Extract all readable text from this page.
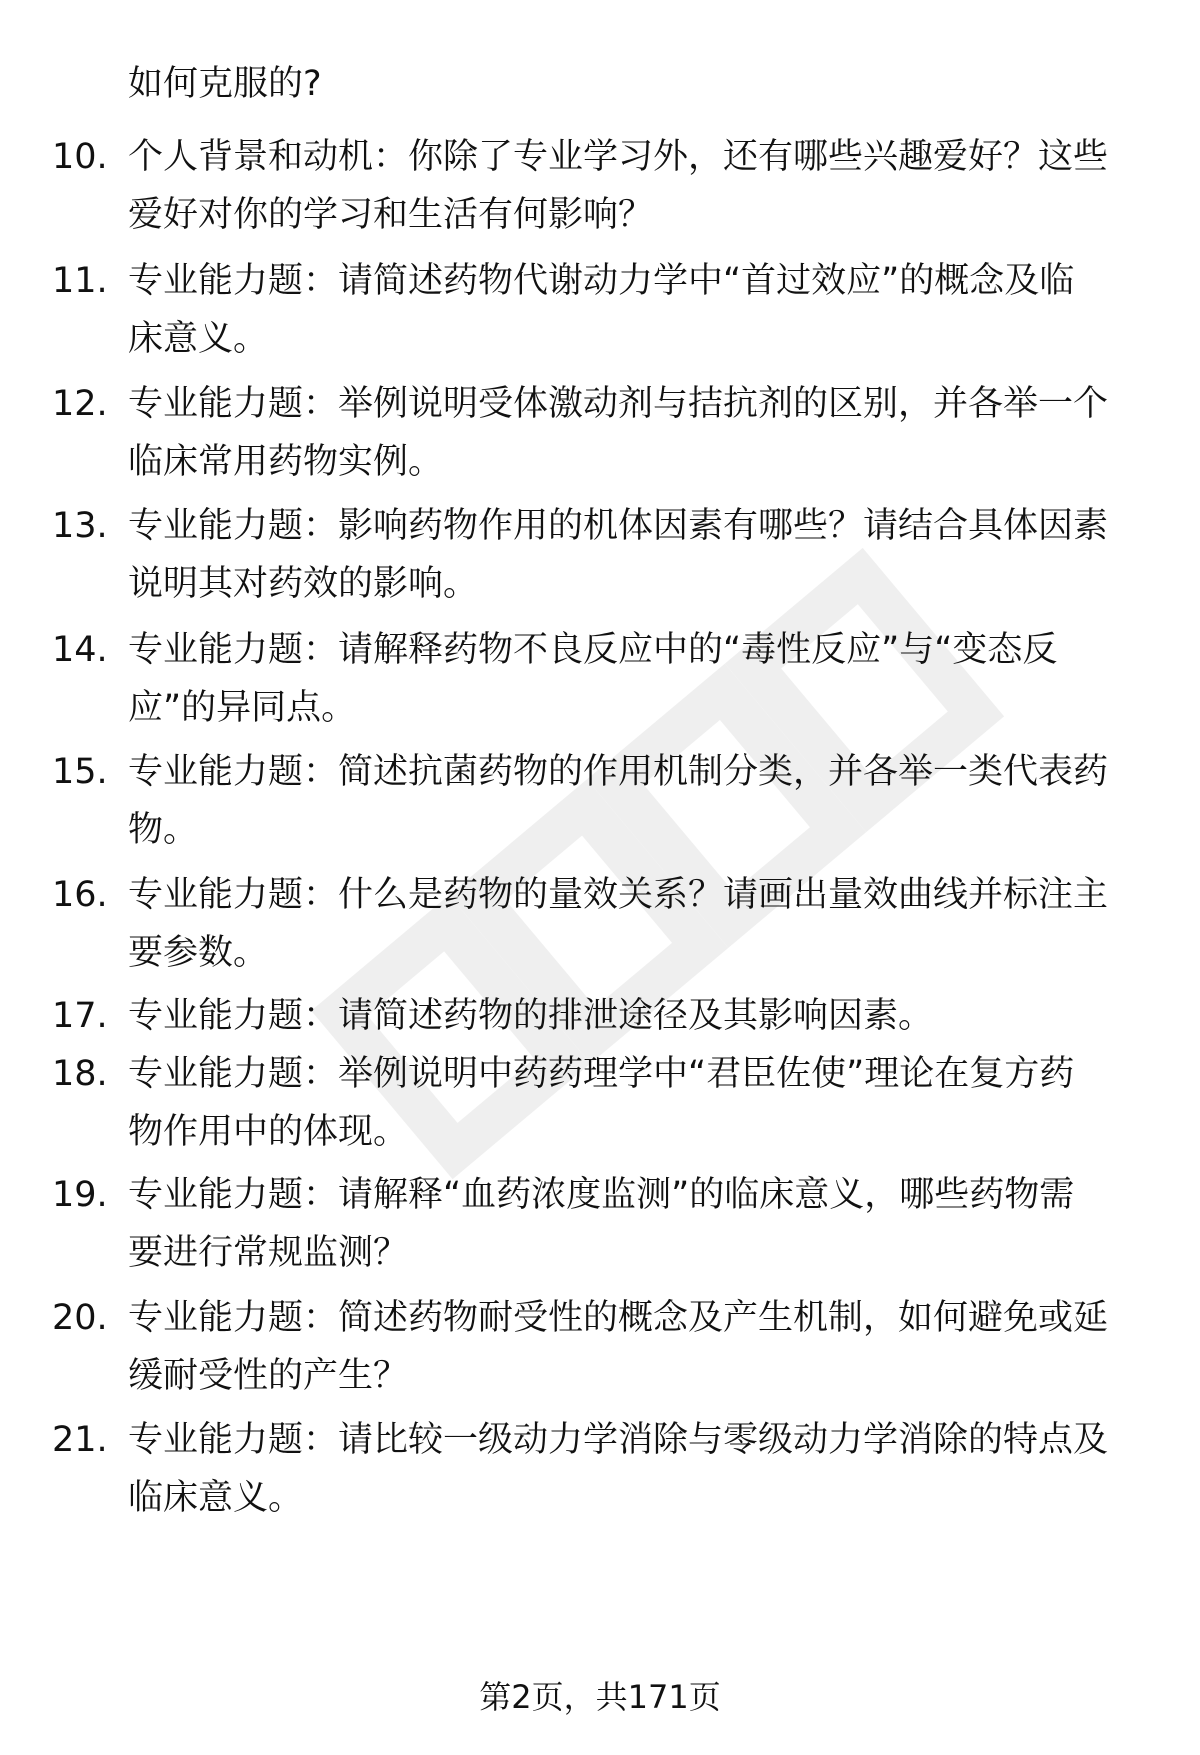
如何克服的?
10. 个人背景和动机：你除了专业学习外，还有哪些兴趣爱好？这些
爱好对你的学习和生活有何影响？
11. 专业能力题：请简述药物代谢动力学中“首过效应”的概念及临
床意义。
12. 专业能力题：举例说明受体激动剂与拮抗剂的区别，并各举一个
临床常用药物实例。
13. 专业能力题：影响药物作用的机体因素有哪些？请结合具体因素
说明其对药效的影响。
14. 专业能力题：请解释药物不良反应中的“毒性反应”与“变态反
应”的异同点。
15. 专业能力题：简述抗菌药物的作用机制分类，并各举一类代表药
物。
16. 专业能力题：什么是药物的量效关系？请画出量效曲线并标注主
要参数。
17. 专业能力题：请简述药物的排泄途径及其影响因素。
18. 专业能力题：举例说明中药药理学中“君臣佐使”理论在复方药
物作用中的体现。
19. 专业能力题：请解释“血药浓度监测”的临床意义，哪些药物需
要进行常规监测？
20. 专业能力题：简述药物耐受性的概念及产生机制，如何避免或延
缓耐受性的产生？
21. 专业能力题：请比较一级动力学消除与零级动力学消除的特点及
临床意义。
第2页，共171页
